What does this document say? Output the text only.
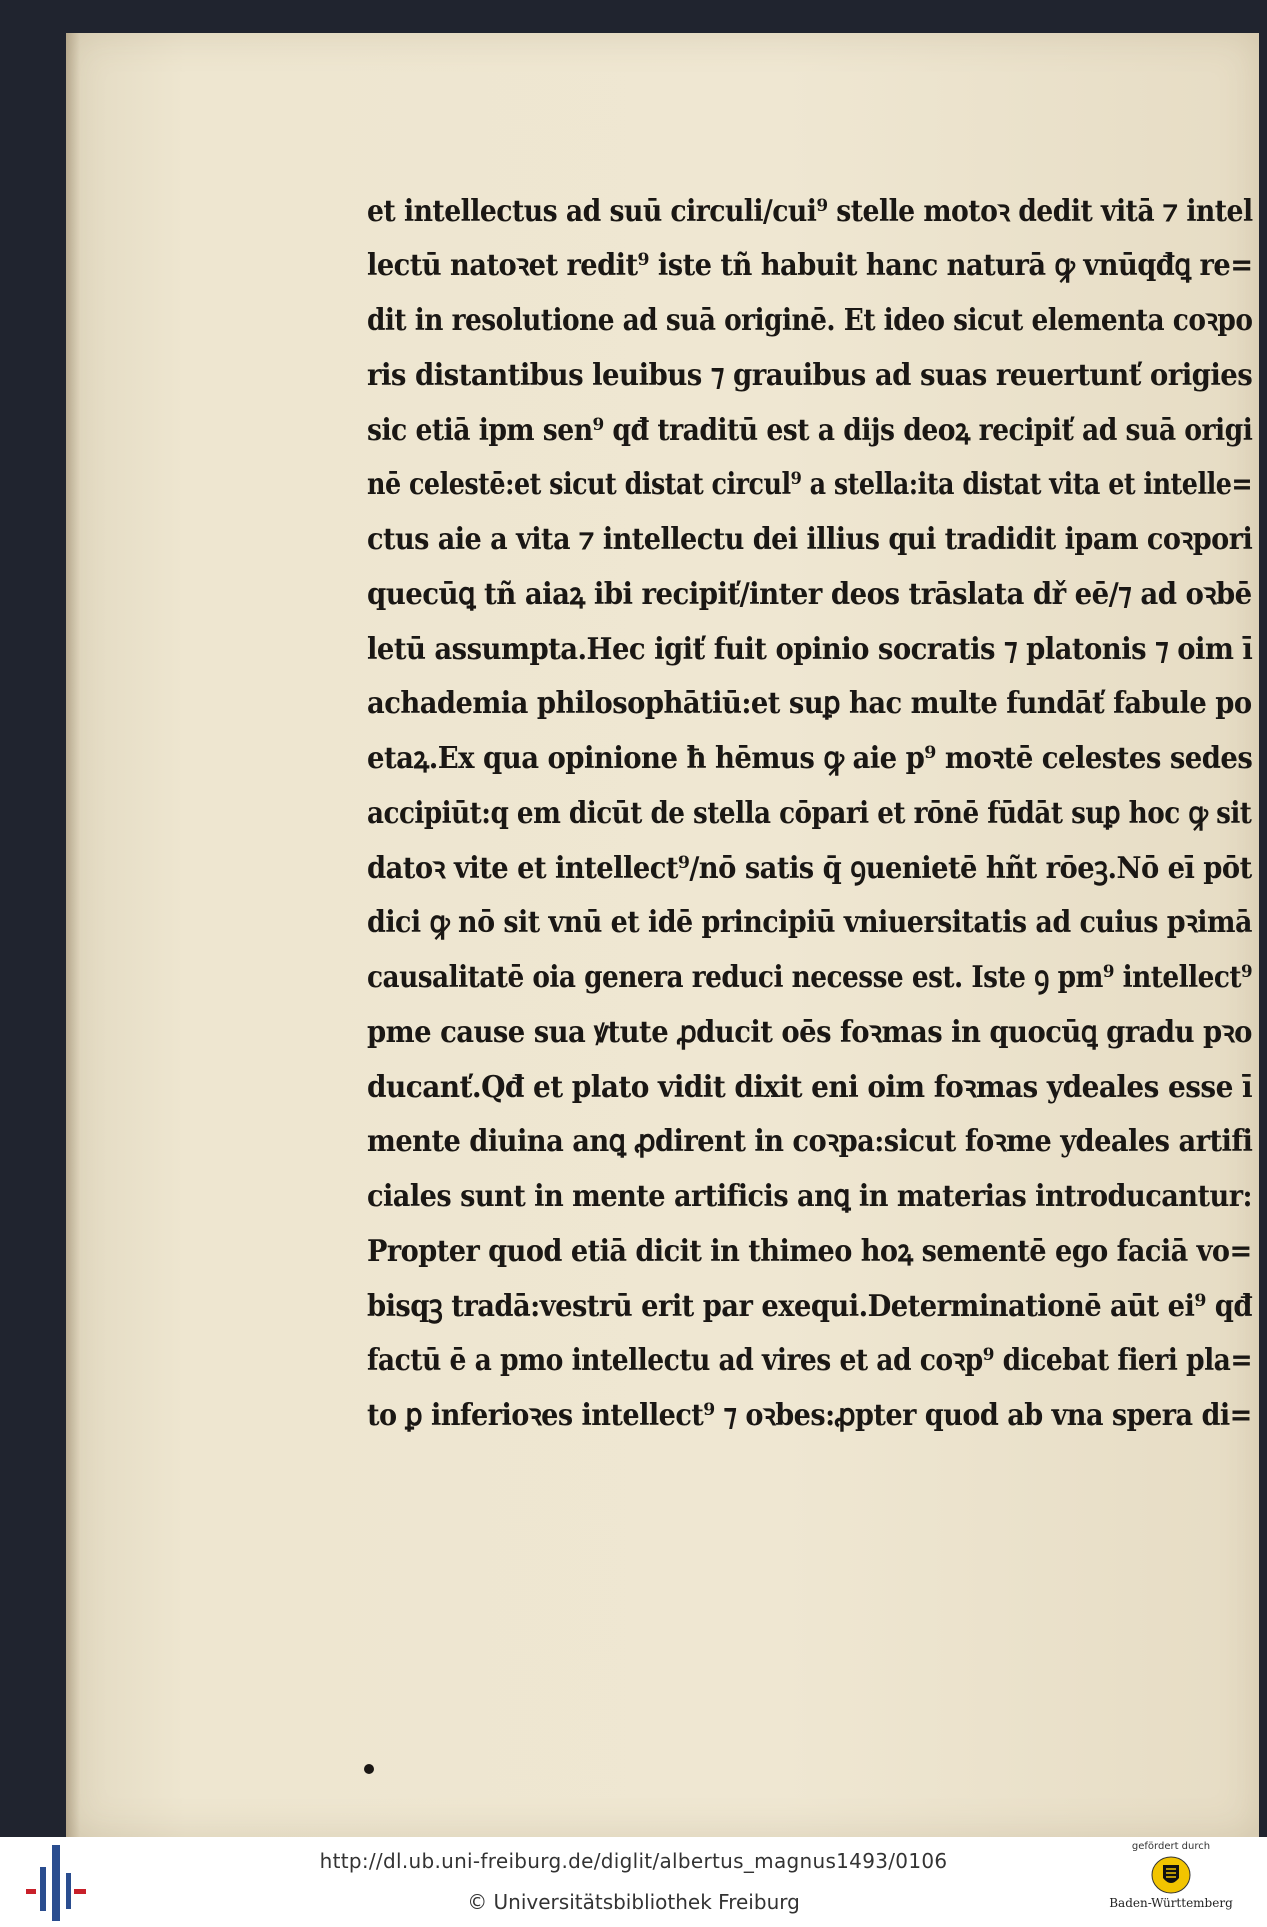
et intellectus ad suū circuli/cui⁹ stelle motoꝛ dedit vitā ⁊ intel
lectū natoꝛet redit⁹ iste tñ habuit hanc naturā ꝙ vnūqđꝗ re=
dit in resolutione ad suā originē. Et ideo sicut elementa coꝛpo
ris distantibus leuibus ⁊ grauibus ad suas reuertunť origies
sic etiā ipm sen⁹ qđ traditū est a dijs deoꝝ recipiť ad suā origi
nē celestē:et sicut distat circul⁹ a stella:ita distat vita et intelle=
ctus aie a vita ⁊ intellectu dei illius qui tradidit ipam coꝛpori
quecūꝗ tñ aiaꝝ ibi recipiť/inter deos trāslata dř eē/⁊ ad oꝛbē
letū assumpta.Hec igiť fuit opinio socratis ⁊ platonis ⁊ oim ī
achademia philosophātiū:et suꝑ hac multe fundāť fabule po
etaꝝ.Ex qua opinione ħ hēmus ꝙ aie p⁹ moꝛtē celestes sedes
accipiūt:q em dicūt de stella cōpari et rōnē fūdāt suꝑ hoc ꝙ sit
datoꝛ vite et intellect⁹/nō satis q̄ ꝯuenietē hñt rōeꝫ.Nō eī pōt
dici ꝙ nō sit vnū et idē principiū vniuersitatis ad cuius pꝛimā
causalitatē oia genera reduci necesse est. Iste ꝯ pm⁹ intellect⁹
pme cause sua ꝟtute ꝓducit oēs foꝛmas in quocūꝗ gradu pꝛo
ducanť.Qđ et plato vidit dixit eni oim foꝛmas ydeales esse ī
mente diuina anꝗ ꝓdirent in coꝛpa:sicut foꝛme ydeales artifi
ciales sunt in mente artificis anꝗ in materias introducantur:
Propter quod etiā dicit in thimeo hoꝝ sementē ego faciā vo=
bisqꝫ tradā:vestrū erit par exequi.Determinationē aūt ei⁹ qđ
factū ē a pmo intellectu ad vires et ad coꝛp⁹ dicebat fieri pla=
to ꝑ inferioꝛes intellect⁹ ⁊ oꝛbes:ꝓpter quod ab vna spera di=
http://dl.ub.uni-freiburg.de/diglit/albertus_magnus1493/0106
© Universitätsbibliothek Freiburg
gefördert durch
Baden-Württemberg
